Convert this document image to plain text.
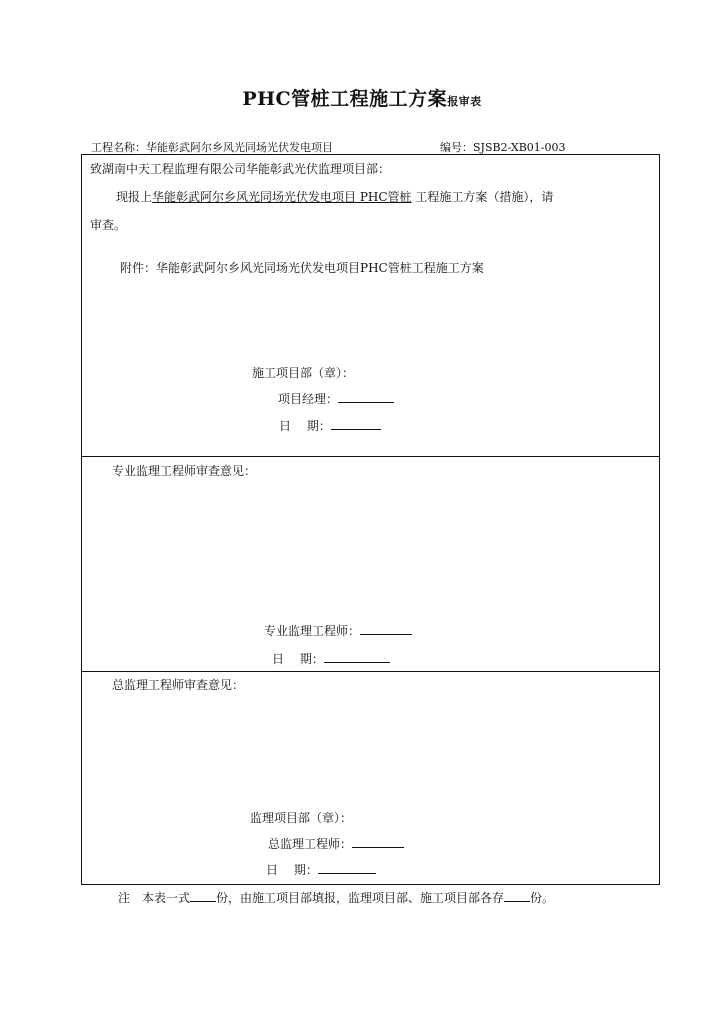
PHC管桩工程施工方案报审表
工程名称：华能彰武阿尔乡风光同场光伏发电项目	编号：SJSB2-XB01-003
致湖南中天工程监理有限公司华能彰武光伏监理项目部：
现报上华能彰武阿尔乡风光同场光伏发电项目 PHC管桩 工程施工方案（措施），请
审查。
附件：华能彰武阿尔乡风光同场光伏发电项目PHC管桩工程施工方案
施工项目部（章）：
项目经理：
日　 期：
专业监理工程师审查意见：
专业监理工程师：
日　 期：
总监理工程师审查意见：
监理项目部（章）：
总监理工程师：
日　 期：
注　本表一式 份，由施工项目部填报，监理项目部、施工项目部各存 份。
